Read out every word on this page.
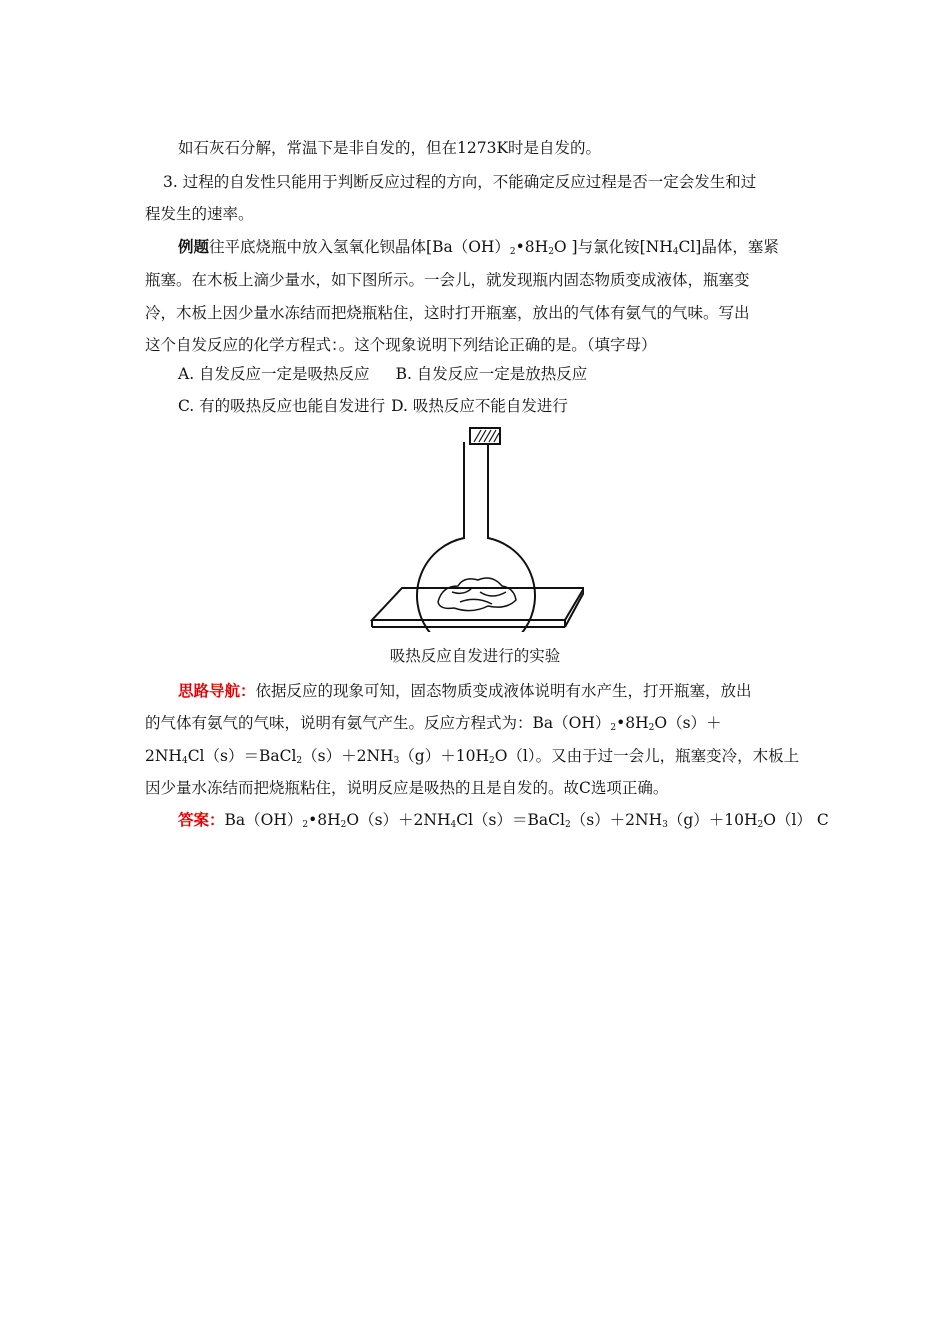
如石灰石分解，常温下是非自发的，但在1273K时是自发的。
3. 过程的自发性只能用于判断反应过程的方向，不能确定反应过程是否一定会发生和过
程发生的速率。
例题往平底烧瓶中放入氢氧化钡晶体[$Ba(OH)_2•8H_2O$ ]与氯化铵$[NH_4Cl]$晶体，塞紧
瓶塞。在木板上滴少量水，如下图所示。一会儿，就发现瓶内固态物质变成液体，瓶塞变
冷，木板上因少量水冻结而把烧瓶粘住，这时打开瓶塞，放出的气体有氨气的气味。写出
这个自发反应的化学方程式：。这个现象说明下列结论正确的是。（填字母）
A. 自发反应一定是吸热反应 B. 自发反应一定是放热反应
C. 有的吸热反应也能自发进行 D. 吸热反应不能自发进行
吸热反应自发进行的实验
思路导航：依据反应的现象可知，固态物质变成液体说明有水产生，打开瓶塞，放出
的气体有氨气的气味，说明有氨气产生。反应方程式为：$Ba(OH)_2•8H_2O(s)+$
$2NH_4Cl(s)=BaCl_2(s)+2NH_3(g)+10H_2O(l)$。又由于过一会儿，瓶塞变冷，木板上
因少量水冻结而把烧瓶粘住，说明反应是吸热的且是自发的。故C选项正确。
答案：$Ba(OH)_2•8H_2O(s)+2NH_4Cl(s)=BaCl_2(s)+2NH_3(g)+10H_2O(l)$ C
